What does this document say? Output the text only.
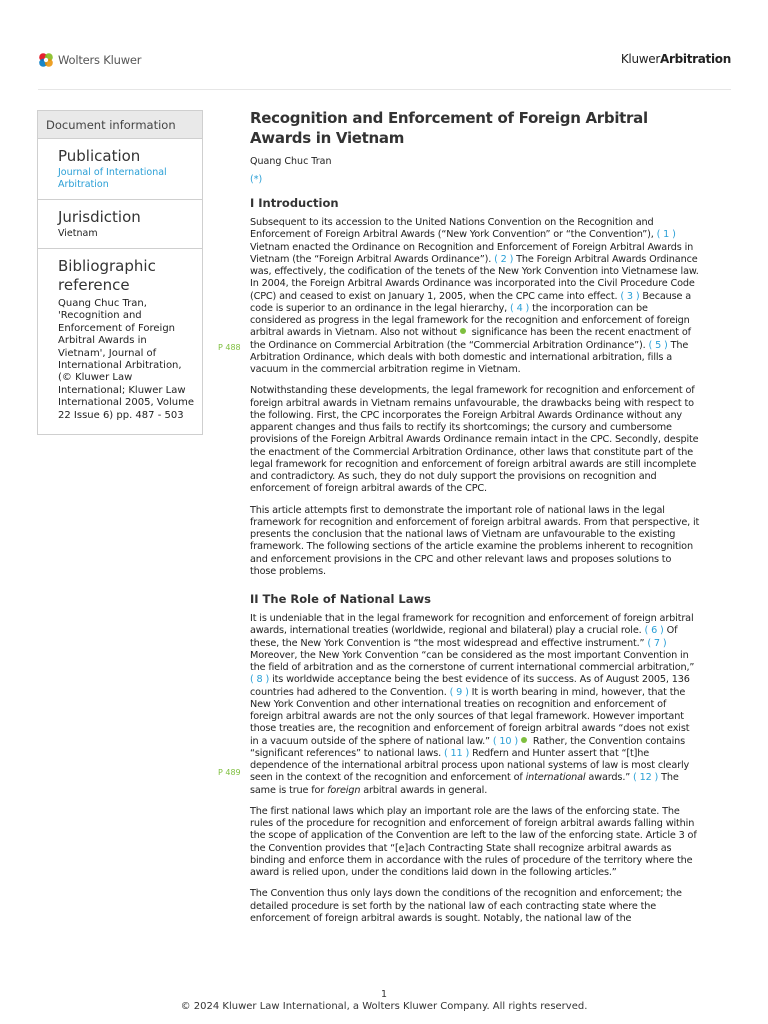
Wolters Kluwer	KluwerArbitration
Document information
Publication
Journal of International Arbitration
Jurisdiction
Vietnam
Bibliographic reference
Quang Chuc Tran, 'Recognition and Enforcement of Foreign Arbitral Awards in Vietnam', Journal of International Arbitration, (© Kluwer Law International; Kluwer Law International 2005, Volume 22 Issue 6) pp. 487 - 503
P 488
P 489
Recognition and Enforcement of Foreign Arbitral Awards in Vietnam
Quang Chuc Tran
(*)
I Introduction

Subsequent to its accession to the United Nations Convention on the Recognition and Enforcement of Foreign Arbitral Awards (“New York Convention” or “the Convention”), ( 1 ) Vietnam enacted the Ordinance on Recognition and Enforcement of Foreign Arbitral Awards in Vietnam (the “Foreign Arbitral Awards Ordinance”). ( 2 ) The Foreign Arbitral Awards Ordinance was, effectively, the codification of the tenets of the New York Convention into Vietnamese law. In 2004, the Foreign Arbitral Awards Ordinance was incorporated into the Civil Procedure Code (CPC) and ceased to exist on January 1, 2005, when the CPC came into effect. ( 3 ) Because a code is superior to an ordinance in the legal hierarchy, ( 4 ) the incorporation can be considered as progress in the legal framework for the recognition and enforcement of foreign arbitral awards in Vietnam. Also not without significance has been the recent enactment of the Ordinance on Commercial Arbitration (the “Commercial Arbitration Ordinance”). ( 5 ) The Arbitration Ordinance, which deals with both domestic and international arbitration, fills a vacuum in the commercial arbitration regime in Vietnam.

Notwithstanding these developments, the legal framework for recognition and enforcement of foreign arbitral awards in Vietnam remains unfavourable, the drawbacks being with respect to the following. First, the CPC incorporates the Foreign Arbitral Awards Ordinance without any apparent changes and thus fails to rectify its shortcomings; the cursory and cumbersome provisions of the Foreign Arbitral Awards Ordinance remain intact in the CPC. Secondly, despite the enactment of the Commercial Arbitration Ordinance, other laws that constitute part of the legal framework for recognition and enforcement of foreign arbitral awards are still incomplete and contradictory. As such, they do not duly support the provisions on recognition and enforcement of foreign arbitral awards of the CPC.

This article attempts first to demonstrate the important role of national laws in the legal framework for recognition and enforcement of foreign arbitral awards. From that perspective, it presents the conclusion that the national laws of Vietnam are unfavourable to the existing framework. The following sections of the article examine the problems inherent to recognition and enforcement provisions in the CPC and other relevant laws and proposes solutions to those problems.

II The Role of National Laws

It is undeniable that in the legal framework for recognition and enforcement of foreign arbitral awards, international treaties (worldwide, regional and bilateral) play a crucial role. ( 6 ) Of these, the New York Convention is “the most widespread and effective instrument.” ( 7 ) Moreover, the New York Convention “can be considered as the most important Convention in the field of arbitration and as the cornerstone of current international commercial arbitration,” ( 8 ) its worldwide acceptance being the best evidence of its success. As of August 2005, 136 countries had adhered to the Convention. ( 9 ) It is worth bearing in mind, however, that the New York Convention and other international treaties on recognition and enforcement of foreign arbitral awards are not the only sources of that legal framework. However important those treaties are, the recognition and enforcement of foreign arbitral awards “does not exist in a vacuum outside of the sphere of national law.” ( 10 ) Rather, the Convention contains “significant references” to national laws. ( 11 ) Redfern and Hunter assert that “[t]he dependence of the international arbitral process upon national systems of law is most clearly seen in the context of the recognition and enforcement of international awards.” ( 12 ) The same is true for foreign arbitral awards in general.

The first national laws which play an important role are the laws of the enforcing state. The rules of the procedure for recognition and enforcement of foreign arbitral awards falling within the scope of application of the Convention are left to the law of the enforcing state. Article 3 of the Convention provides that “[e]ach Contracting State shall recognize arbitral awards as binding and enforce them in accordance with the rules of procedure of the territory where the award is relied upon, under the conditions laid down in the following articles.”

The Convention thus only lays down the conditions of the recognition and enforcement; the detailed procedure is set forth by the national law of each contracting state where the enforcement of foreign arbitral awards is sought. Notably, the national law of the

1
© 2024 Kluwer Law International, a Wolters Kluwer Company. All rights reserved.
